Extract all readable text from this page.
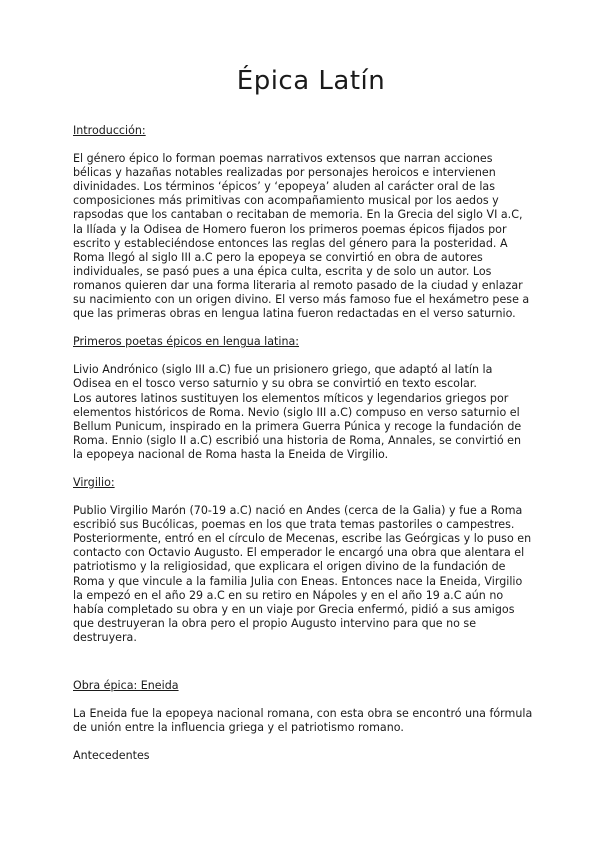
Épica Latín

Introducción:

El género épico lo forman poemas narrativos extensos que narran acciones bélicas y hazañas notables realizadas por personajes heroicos e intervienen divinidades. Los términos ‘épicos’ y ‘epopeya’ aluden al carácter oral de las composiciones más primitivas con acompañamiento musical por los aedos y rapsodas que los cantaban o recitaban de memoria. En la Grecia del siglo VI a.C, la Ilíada y la Odisea de Homero fueron los primeros poemas épicos fijados por escrito y estableciéndose entonces las reglas del género para la posteridad. A Roma llegó al siglo III a.C pero la epopeya se convirtió en obra de autores individuales, se pasó pues a una épica culta, escrita y de solo un autor. Los romanos quieren dar una forma literaria al remoto pasado de la ciudad y enlazar su nacimiento con un origen divino. El verso más famoso fue el hexámetro pese a que las primeras obras en lengua latina fueron redactadas en el verso saturnio.

Primeros poetas épicos en lengua latina:

Livio Andrónico (siglo III a.C) fue un prisionero griego, que adaptó al latín la Odisea en el tosco verso saturnio y su obra se convirtió en texto escolar.

Los autores latinos sustituyen los elementos míticos y legendarios griegos por elementos históricos de Roma. Nevio (siglo III a.C) compuso en verso saturnio el Bellum Punicum, inspirado en la primera Guerra Púnica y recoge la fundación de Roma. Ennio (siglo II a.C) escribió una historia de Roma, Annales, se convirtió en la epopeya nacional de Roma hasta la Eneida de Virgilio.

Virgilio:

Publio Virgilio Marón (70-19 a.C) nació en Andes (cerca de la Galia) y fue a Roma escribió sus Bucólicas, poemas en los que trata temas pastoriles o campestres. Posteriormente, entró en el círculo de Mecenas, escribe las Geórgicas y lo puso en contacto con Octavio Augusto. El emperador le encargó una obra que alentara el patriotismo y la religiosidad, que explicara el origen divino de la fundación de Roma y que vincule a la familia Julia con Eneas. Entonces nace la Eneida, Virgilio la empezó en el año 29 a.C en su retiro en Nápoles y en el año 19 a.C aún no había completado su obra y en un viaje por Grecia enfermó, pidió a sus amigos que destruyeran la obra pero el propio Augusto intervino para que no se destruyera.

Obra épica: Eneida

La Eneida fue la epopeya nacional romana, con esta obra se encontró una fórmula de unión entre la influencia griega y el patriotismo romano.

Antecedentes
